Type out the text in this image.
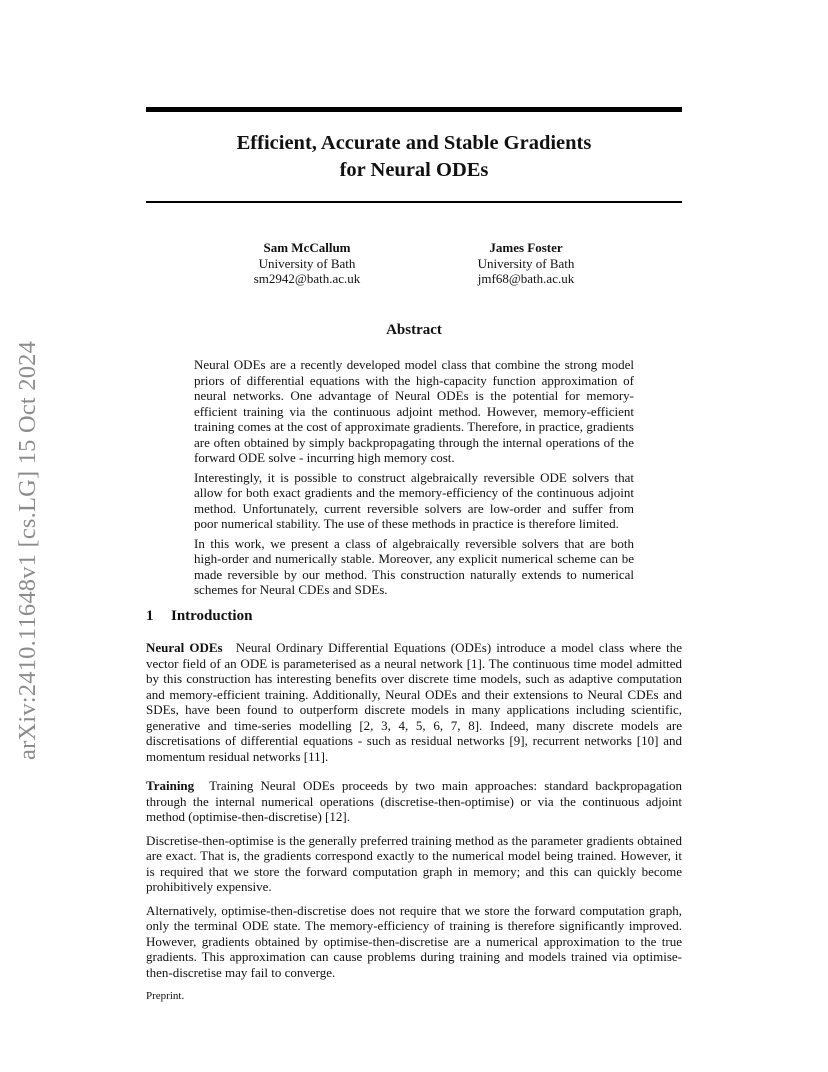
arXiv:2410.11648v1 [cs.LG] 15 Oct 2024
Efficient, Accurate and Stable Gradients
for Neural ODEs
Sam McCallum
University of Bath
sm2942@bath.ac.uk
James Foster
University of Bath
jmf68@bath.ac.uk
Abstract

Neural ODEs are a recently developed model class that combine the strong model priors of differential equations with the high-capacity function approximation of neural networks. One advantage of Neural ODEs is the potential for memory-efficient training via the continuous adjoint method. However, memory-efficient training comes at the cost of approximate gradients. Therefore, in practice, gradients are often obtained by simply backpropagating through the internal operations of the forward ODE solve - incurring high memory cost.

Interestingly, it is possible to construct algebraically reversible ODE solvers that allow for both exact gradients and the memory-efficiency of the continuous adjoint method. Unfortunately, current reversible solvers are low-order and suffer from poor numerical stability. The use of these methods in practice is therefore limited.

In this work, we present a class of algebraically reversible solvers that are both high-order and numerically stable. Moreover, any explicit numerical scheme can be made reversible by our method. This construction naturally extends to numerical schemes for Neural CDEs and SDEs.

1 Introduction

Neural ODEs Neural Ordinary Differential Equations (ODEs) introduce a model class where the vector field of an ODE is parameterised as a neural network [1]. The continuous time model admitted by this construction has interesting benefits over discrete time models, such as adaptive computation and memory-efficient training. Additionally, Neural ODEs and their extensions to Neural CDEs and SDEs, have been found to outperform discrete models in many applications including scientific, generative and time-series modelling [2, 3, 4, 5, 6, 7, 8]. Indeed, many discrete models are discretisations of differential equations - such as residual networks [9], recurrent networks [10] and momentum residual networks [11].

Training Training Neural ODEs proceeds by two main approaches: standard backpropagation through the internal numerical operations (discretise-then-optimise) or via the continuous adjoint method (optimise-then-discretise) [12].

Discretise-then-optimise is the generally preferred training method as the parameter gradients obtained are exact. That is, the gradients correspond exactly to the numerical model being trained. However, it is required that we store the forward computation graph in memory; and this can quickly become prohibitively expensive.

Alternatively, optimise-then-discretise does not require that we store the forward computation graph, only the terminal ODE state. The memory-efficiency of training is therefore significantly improved. However, gradients obtained by optimise-then-discretise are a numerical approximation to the true gradients. This approximation can cause problems during training and models trained via optimise-then-discretise may fail to converge.

Preprint.
